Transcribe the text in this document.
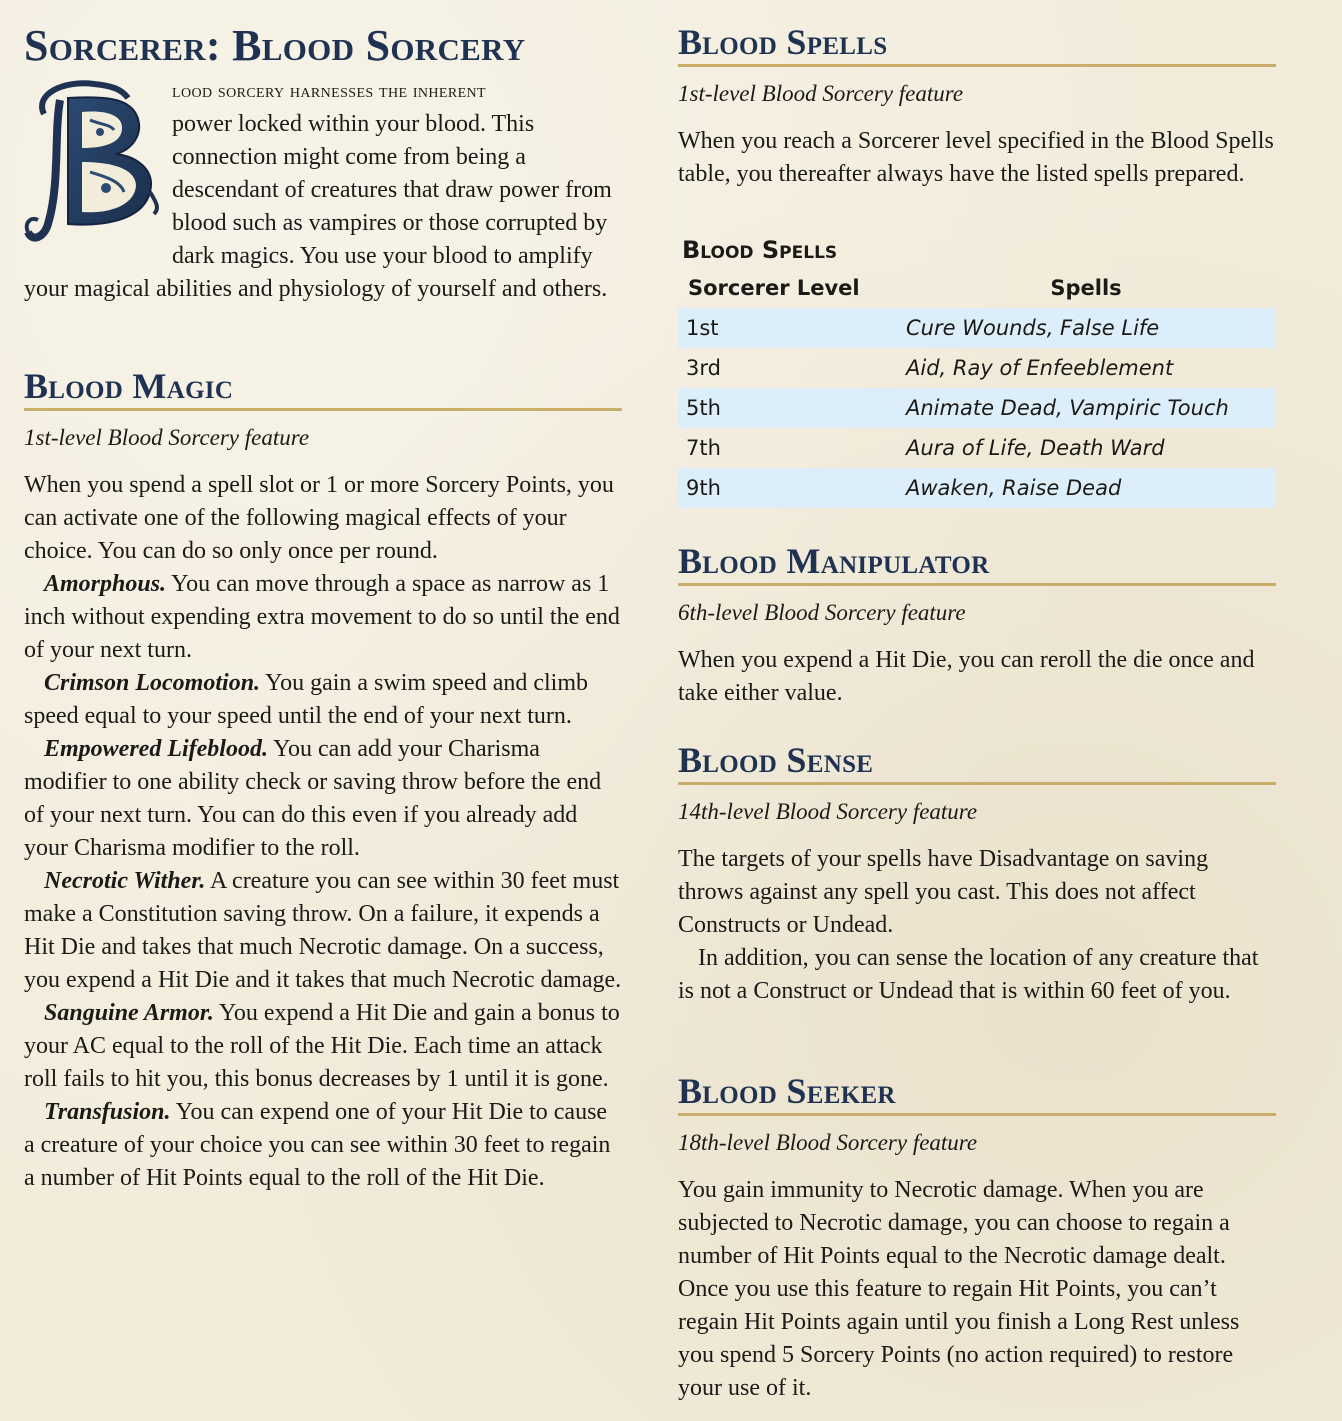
Sorcerer: Blood Sorcery
lood sorcery harnesses the inherent
power locked within your blood. This connection might come from being a descendant of creatures that draw power from blood such as vampires or those corrupted by dark magics. You use your blood to amplify your magical abilities and physiology of yourself and others.
Blood Magic
1st-level Blood Sorcery feature

When you spend a spell slot or 1 or more Sorcery Points, you can activate one of the following magical effects of your choice. You can do so only once per round.

Amorphous. You can move through a space as narrow as 1 inch without expending extra movement to do so until the end of your next turn.

Crimson Locomotion. You gain a swim speed and climb speed equal to your speed until the end of your next turn.

Empowered Lifeblood. You can add your Charisma modifier to one ability check or saving throw before the end of your next turn. You can do this even if you already add your Charisma modifier to the roll.

Necrotic Wither. A creature you can see within 30 feet must make a Constitution saving throw. On a failure, it expends a Hit Die and takes that much Necrotic damage. On a success, you expend a Hit Die and it takes that much Necrotic damage.

Sanguine Armor. You expend a Hit Die and gain a bonus to your AC equal to the roll of the Hit Die. Each time an attack roll fails to hit you, this bonus decreases by 1 until it is gone.

Transfusion. You can expend one of your Hit Die to cause a creature of your choice you can see within 30 feet to regain a number of Hit Points equal to the roll of the Hit Die.

Blood Spells
1st-level Blood Sorcery feature

When you reach a Sorcerer level specified in the Blood Spells table, you thereafter always have the listed spells prepared.

Blood Spells
Sorcerer Level	Spells
1st	Cure Wounds, False Life
3rd	Aid, Ray of Enfeeblement
5th	Animate Dead, Vampiric Touch
7th	Aura of Life, Death Ward
9th	Awaken, Raise Dead
Blood Manipulator
6th-level Blood Sorcery feature

When you expend a Hit Die, you can reroll the die once and take either value.

Blood Sense
14th-level Blood Sorcery feature

The targets of your spells have Disadvantage on saving throws against any spell you cast. This does not affect Constructs or Undead.

In addition, you can sense the location of any creature that is not a Construct or Undead that is within 60 feet of you.

Blood Seeker
18th-level Blood Sorcery feature

You gain immunity to Necrotic damage. When you are subjected to Necrotic damage, you can choose to regain a number of Hit Points equal to the Necrotic damage dealt. Once you use this feature to regain Hit Points, you can’t regain Hit Points again until you finish a Long Rest unless you spend 5 Sorcery Points (no action required) to restore your use of it.
